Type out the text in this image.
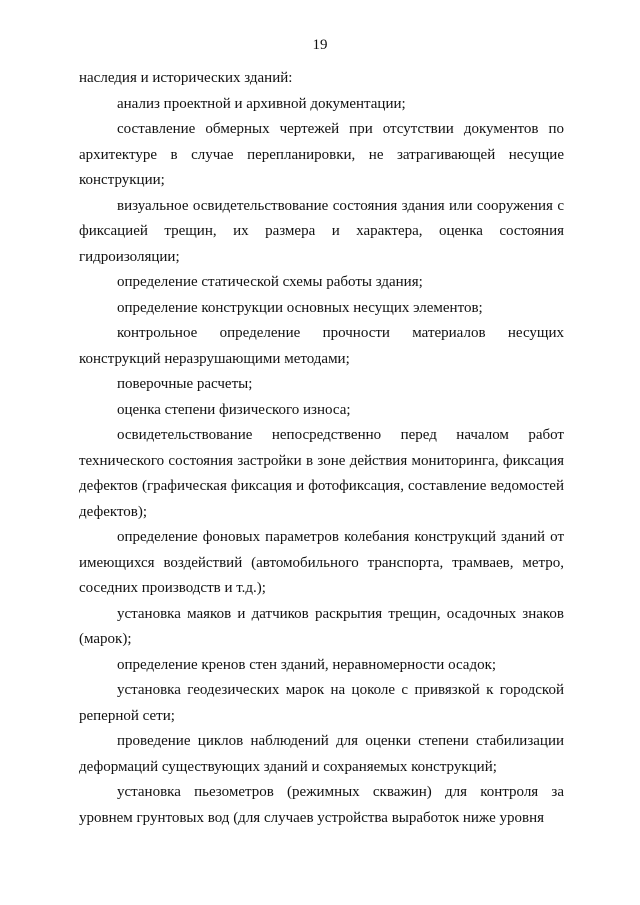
19

наследия и исторических зданий:

анализ проектной и архивной документации;

составление обмерных чертежей при отсутствии документов по архитектуре в случае перепланировки, не затрагивающей несущие конструкции;

визуальное освидетельствование состояния здания или сооружения с фиксацией трещин, их размера и характера, оценка состояния гидроизоляции;

определение статической схемы работы здания;

определение конструкции основных несущих элементов;

контрольное определение прочности материалов несущих конструкций неразрушающими методами;

поверочные расчеты;

оценка степени физического износа;

освидетельствование непосредственно перед началом работ технического состояния застройки в зоне действия мониторинга, фиксация дефектов (графическая фиксация и фотофиксация, составление ведомостей дефектов);

определение фоновых параметров колебания конструкций зданий от имеющихся воздействий (автомобильного транспорта, трамваев, метро, соседних производств и т.д.);

установка маяков и датчиков раскрытия трещин, осадочных знаков (марок);

определение кренов стен зданий, неравномерности осадок;

установка геодезических марок на цоколе с привязкой к городской реперной сети;

проведение циклов наблюдений для оценки степени стабилизации деформаций существующих зданий и сохраняемых конструкций;

установка пьезометров (режимных скважин) для контроля за уровнем грунтовых вод (для случаев устройства выработок ниже уровня
